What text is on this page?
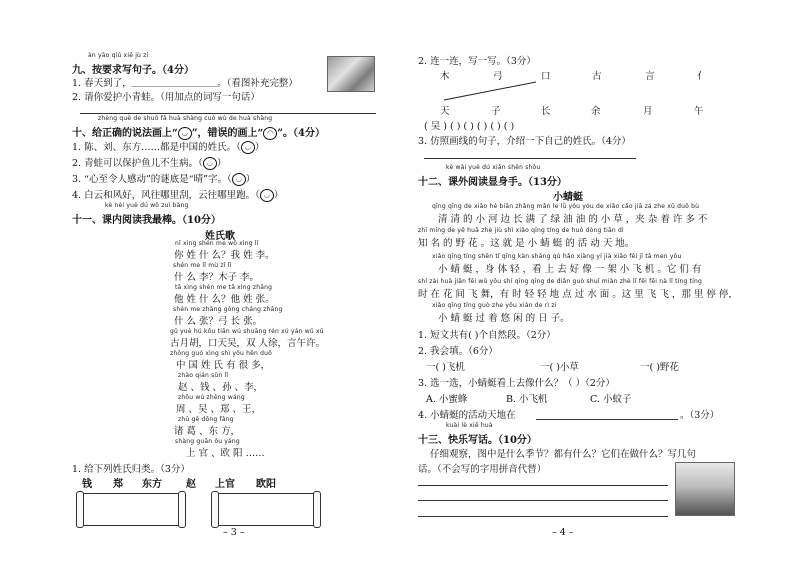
àn yāo qiú xiě jù zi
九、按要求写句子。（4分）
1. 春天到了，＿＿＿＿＿＿＿＿＿。（看图补充完整）
2. 请你爱护小青蛙。（用加点的词写一句话）
zhèng què de shuō fǎ huà shàng cuò wù de huà shàng
十、给正确的说法画上“ ◡ ”，错误的画上“ ◠ ”。（4分）
1. 陈、刘、东方……都是中国的姓氏。（ ◡ ）
2. 青蛙可以保护鱼儿不生病。（ ◡ ）
3. “心至令人感动”的谜底是“晴”字。（ ◡ ）
4. 白云和风好，风往哪里刮，云往哪里跑。（ ◡ ）
kè nèi yuè dú wǒ zuì bàng
十一、课内阅读我最棒。（10分）
姓氏歌
nǐ xìng shén me wǒ xìng lǐ
你 姓 什 么？我 姓 李。
shén me lǐ mù zǐ lǐ
什 么 李？木子 李。
tā xìng shén me tā xìng zhāng
他 姓 什 么？他 姓 张。
shén me zhāng gōng cháng zhāng
什 么 张？弓 长 张。
gǔ yuè hú kǒu tiān wú shuāng rén xú yán wǔ xǔ
古月胡，口天吴，双 人徐，言午许。
zhōng guó xìng shì yǒu hěn duō
中 国 姓 氏 有 很 多，
zhào qián sūn lǐ
赵 、钱 、孙 、李，
zhōu wú zhèng wáng
周 、吴 、郑 、王，
zhū gě dōng fāng
诸 葛 、东 方，
shàng guān ōu yáng
上 官 、欧 阳 ……
1. 给下列姓氏归类。（3分）
钱 郑 东方 赵 上官 欧阳
– 3 –
2. 连一连，写一写。（3分）
木	弓	口	古	言	亻
天	子	长	余	月	午
( 吴 ) ( ) ( ) ( ) ( ) ( )
3. 仿照画线的句子，介绍一下自己的姓氏。（4分）
kè wài yuè dú xiǎn shēn shǒu
十二、课外阅读显身手。（13分）
小蜻蜓
qīng qīng de xiǎo hé biān zhǎng mǎn le lǜ yóu yóu de xiǎo cǎo jiā zá zhe xǔ duō bù
清 清 的 小 河 边 长 满 了 绿 油 油 的 小 草 ，夹 杂 着 许 多 不
zhī míng de yě huā zhè jiù shì xiǎo qīng tíng de huó dòng tiān dì
知 名 的 野 花 。这 就 是 小 蜻 蜓 的 活 动 天 地。
xiǎo qīng tíng shēn tǐ qīng kàn shàng qù hǎo xiàng yí jià xiǎo fēi jī tā men yǒu
小 蜻 蜓 ，身 体 轻 ，看 上 去 好 像 一 架 小 飞 机 。它 们 有
shí zài huā jiān fēi wǔ yǒu shí qīng qīng de diǎn guò shuǐ miàn zhè lǐ fēi fēi nà lǐ tíng tíng
时 在 花 间 飞 舞，有 时 轻 轻 地 点 过 水 面 。这 里 飞 飞 ，那 里 停 停，
xiǎo qīng tíng guò zhe yōu xián de rì zi
小 蜻 蜓 过 着 悠 闲 的 日 子。
1. 短文共有( )个自然段。（2分）
2. 我会填。（6分）
一( )飞机	一( )小草	一( )野花
3. 选一选，小蜻蜓看上去像什么？（ ）（2分）
A. 小蜜蜂	B. 小飞机	C. 小蚊子
4. 小蜻蜓的活动天地在	。（3分）
kuài lè xiě huà
十三、快乐写话。（10分）
仔细观察，图中是什么季节？都有什么？它们在做什么？写几句
话。（不会写的字用拼音代替）
– 4 –
